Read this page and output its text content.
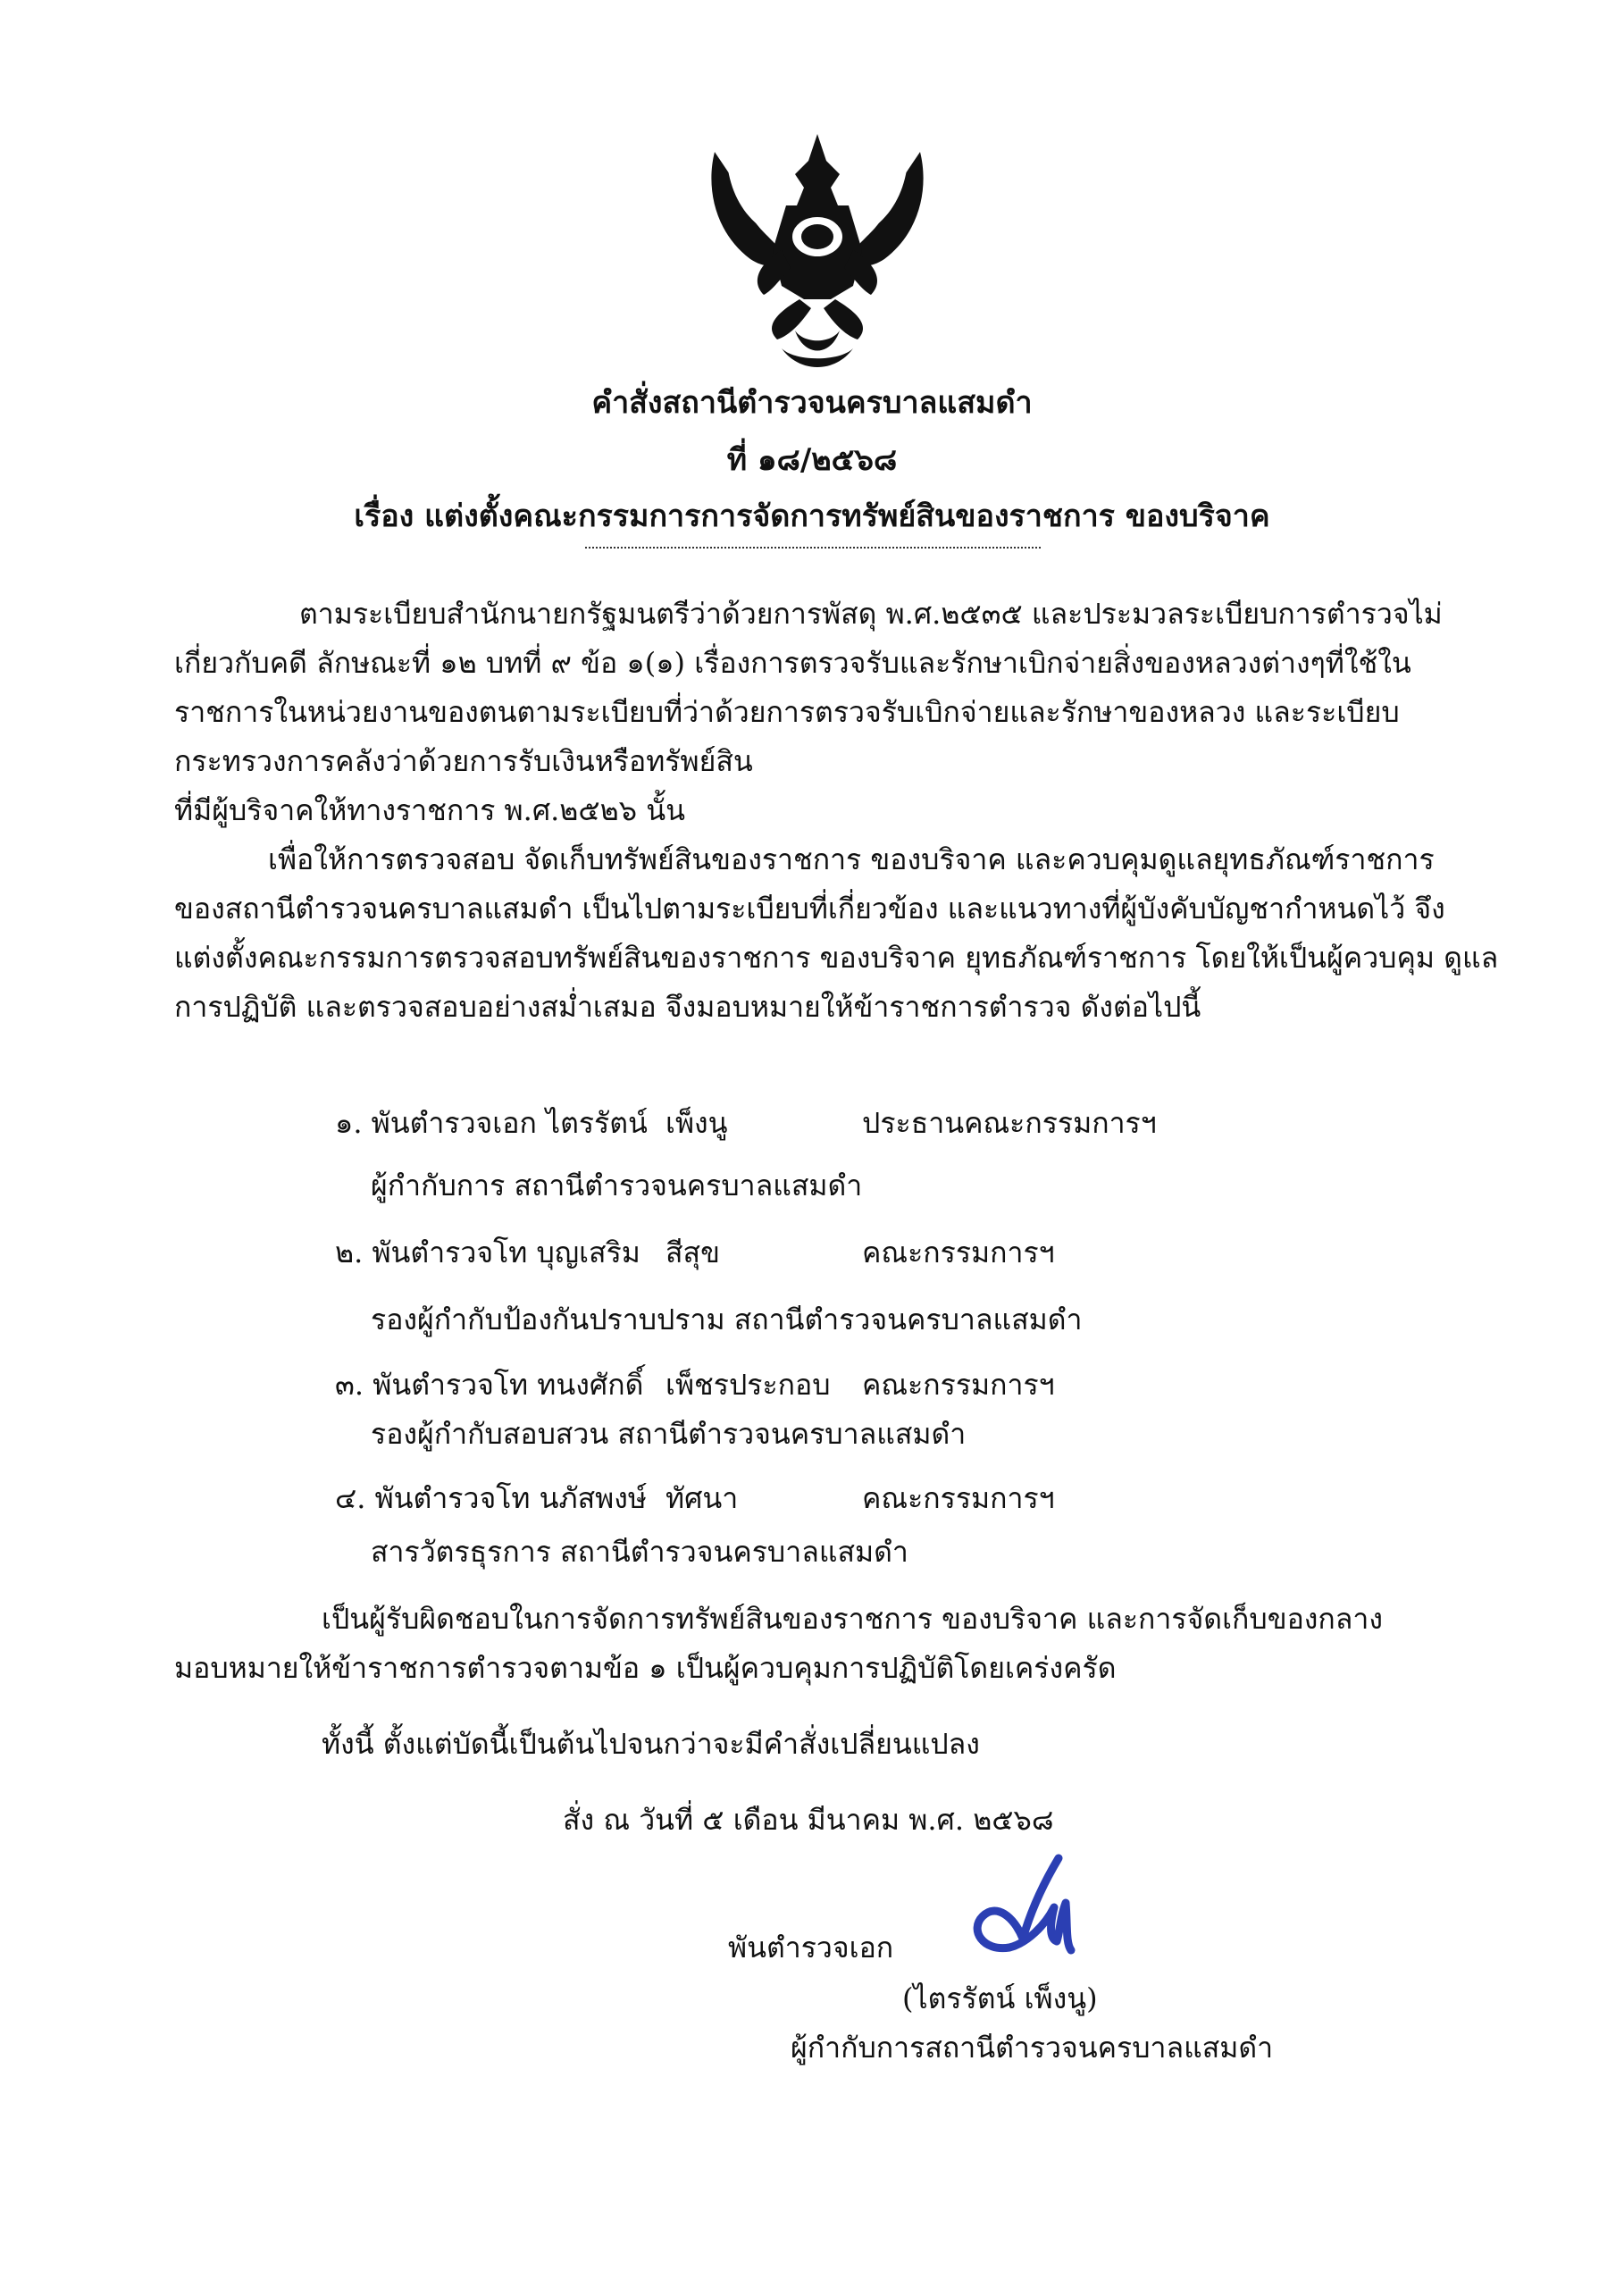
คำสั่งสถานีตำรวจนครบาลแสมดำ
ที่ ๑๘/๒๕๖๘
เรื่อง แต่งตั้งคณะกรรมการการจัดการทรัพย์สินของราชการ ของบริจาค
ตามระเบียบสำนักนายกรัฐมนตรีว่าด้วยการพัสดุ พ.ศ.๒๕๓๕ และประมวลระเบียบการตำรวจไม่
เกี่ยวกับคดี ลักษณะที่ ๑๒ บทที่ ๙ ข้อ ๑(๑) เรื่องการตรวจรับและรักษาเบิกจ่ายสิ่งของหลวงต่างๆที่ใช้ใน
ราชการในหน่วยงานของตนตามระเบียบที่ว่าด้วยการตรวจรับเบิกจ่ายและรักษาของหลวง และระเบียบ
กระทรวงการคลังว่าด้วยการรับเงินหรือทรัพย์สิน
ที่มีผู้บริจาคให้ทางราชการ พ.ศ.๒๕๒๖ นั้น
เพื่อให้การตรวจสอบ จัดเก็บทรัพย์สินของราชการ ของบริจาค และควบคุมดูแลยุทธภัณฑ์ราชการ
ของสถานีตำรวจนครบาลแสมดำ เป็นไปตามระเบียบที่เกี่ยวข้อง และแนวทางที่ผู้บังคับบัญชากำหนดไว้ จึง
แต่งตั้งคณะกรรมการตรวจสอบทรัพย์สินของราชการ ของบริจาค ยุทธภัณฑ์ราชการ โดยให้เป็นผู้ควบคุม ดูแล
การปฏิบัติ และตรวจสอบอย่างสม่ำเสมอ จึงมอบหมายให้ข้าราชการตำรวจ ดังต่อไปนี้
๑. พันตำรวจเอก ไตรรัตน์ เพ็งนู	ประธานคณะกรรมการฯ
ผู้กำกับการ สถานีตำรวจนครบาลแสมดำ
๒. พันตำรวจโท บุญเสริม สีสุข	คณะกรรมการฯ
รองผู้กำกับป้องกันปราบปราม สถานีตำรวจนครบาลแสมดำ
๓. พันตำรวจโท ทนงศักดิ์ เพ็ชรประกอบ คณะกรรมการฯ
รองผู้กำกับสอบสวน สถานีตำรวจนครบาลแสมดำ
๔. พันตำรวจโท นภัสพงษ์ ทัศนา	คณะกรรมการฯ
สารวัตรธุรการ สถานีตำรวจนครบาลแสมดำ
เป็นผู้รับผิดชอบในการจัดการทรัพย์สินของราชการ ของบริจาค และการจัดเก็บของกลาง
มอบหมายให้ข้าราชการตำรวจตามข้อ ๑ เป็นผู้ควบคุมการปฏิบัติโดยเคร่งครัด
ทั้งนี้ ตั้งแต่บัดนี้เป็นต้นไปจนกว่าจะมีคำสั่งเปลี่ยนแปลง
สั่ง ณ วันที่ ๕ เดือน มีนาคม พ.ศ. ๒๕๖๘
พันตำรวจเอก
(ไตรรัตน์ เพ็งนู)
ผู้กำกับการสถานีตำรวจนครบาลแสมดำ
